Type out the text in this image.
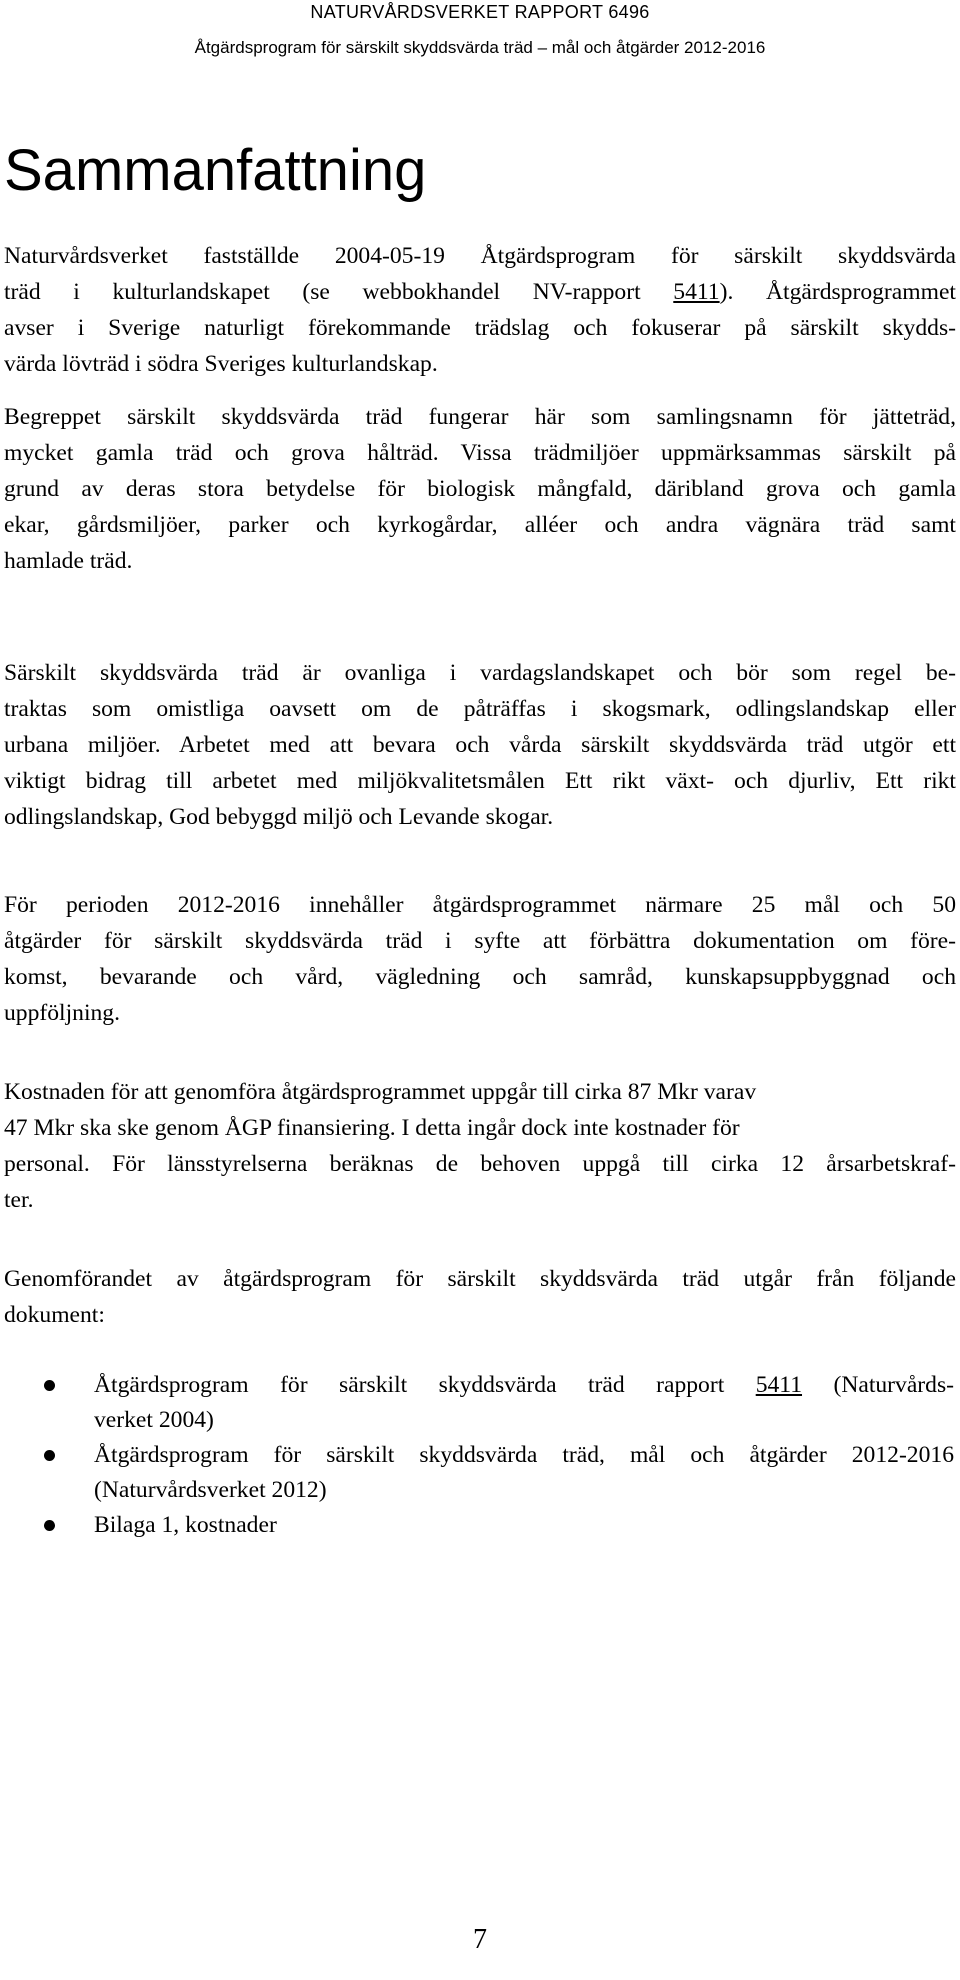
NATURVÅRDSVERKET RAPPORT 6496
Åtgärdsprogram för särskilt skyddsvärda träd – mål och åtgärder 2012-2016
Sammanfattning

Naturvårdsverket fastställde 2004-05-19 Åtgärdsprogram för särskilt skyddsvärda
träd i kulturlandskapet (se webbokhandel NV-rapport 5411). Åtgärdsprogrammet
avser i Sverige naturligt förekommande trädslag och fokuserar på särskilt skydds-
värda lövträd i södra Sveriges kulturlandskap.

Begreppet särskilt skyddsvärda träd fungerar här som samlingsnamn för jätteträd,
mycket gamla träd och grova hålträd. Vissa trädmiljöer uppmärksammas särskilt på
grund av deras stora betydelse för biologisk mångfald, däribland grova och gamla
ekar, gårdsmiljöer, parker och kyrkogårdar, alléer och andra vägnära träd samt
hamlade träd.

Särskilt skyddsvärda träd är ovanliga i vardagslandskapet och bör som regel be-
traktas som omistliga oavsett om de påträffas i skogsmark, odlingslandskap eller
urbana miljöer. Arbetet med att bevara och vårda särskilt skyddsvärda träd utgör ett
viktigt bidrag till arbetet med miljökvalitetsmålen Ett rikt växt- och djurliv, Ett rikt
odlingslandskap, God bebyggd miljö och Levande skogar.

För perioden 2012-2016 innehåller åtgärdsprogrammet närmare 25 mål och 50
åtgärder för särskilt skyddsvärda träd i syfte att förbättra dokumentation om före-
komst, bevarande och vård, vägledning och samråd, kunskapsuppbyggnad och
uppföljning.

Kostnaden för att genomföra åtgärdsprogrammet uppgår till cirka 87 Mkr varav
47 Mkr ska ske genom ÅGP finansiering. I detta ingår dock inte kostnader för
personal. För länsstyrelserna beräknas de behoven uppgå till cirka 12 årsarbetskraf-
ter.

Genomförandet av åtgärdsprogram för särskilt skyddsvärda träd utgår från följande
dokument:

Åtgärdsprogram för särskilt skyddsvärda träd rapport 5411 (Naturvårds-
verket 2004)
Åtgärdsprogram för särskilt skyddsvärda träd, mål och åtgärder 2012-2016
(Naturvårdsverket 2012)
Bilaga 1, kostnader
7
